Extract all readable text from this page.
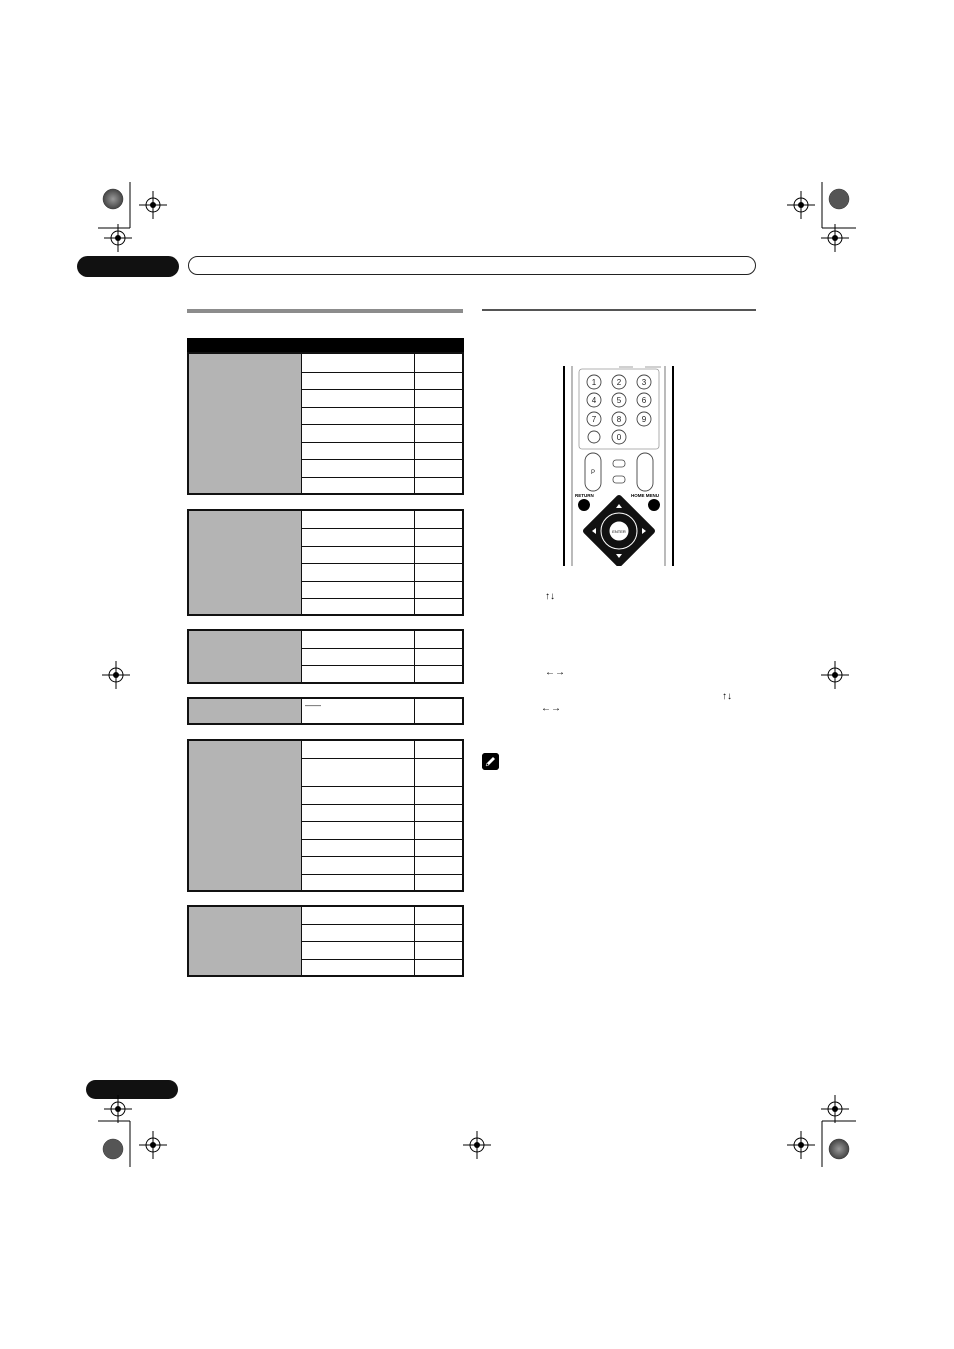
——
1	2	3
4	5	6
7	8	9
0
P
RETURN	HOME MENU
ENTER
↑↓
←→
↑↓
←→
